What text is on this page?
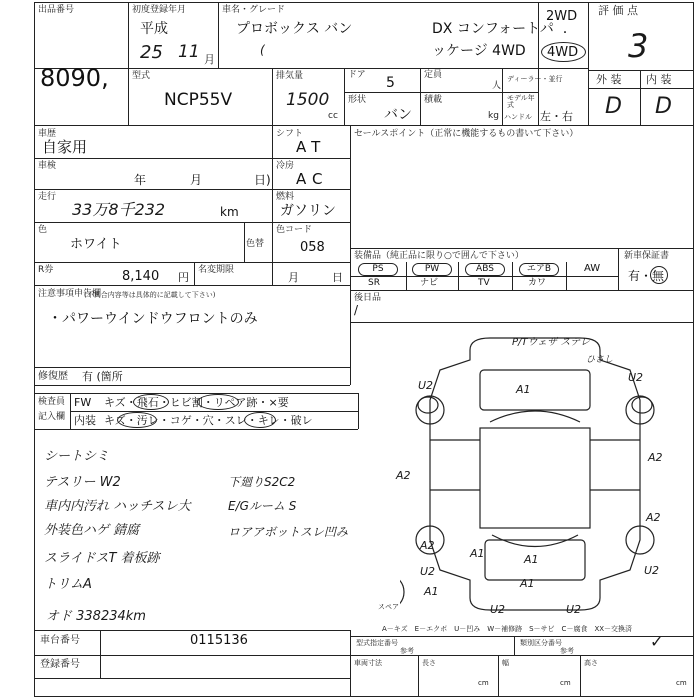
出品番号
8090,
初度登録年月
平成
25 11 月
車名・グレード
プロボックス バン
(
DX コンフォートパ
ッケージ 4WD
2WD
・
4WD
評 価 点
3
外 装 内 装
D D
型式
NCP55V
排気量
1500
cc
ドア 5	定員
人
ディーラー・並行
形状
バン
積載
kg
モデル年式
ハンドル 左・右
車歴
自家用
シフト
AT
車検
年	月	日 )
冷房
AC
走行
33万8千232	km
燃料
ガソリン
色
ホワイト	色替
色コード
058
R券	8,140 円
名変期限
月	日
注意事項申告欄
(不具合内容等は具体的に記載して下さい)
・パワーウインドウフロントのみ
修復歴 有 (箇所
検査員
記入欄
FW キズ・飛石・ヒビ割・リペア跡・×要
内装 キズ・汚レ・コゲ・穴・スレ・キレ・破レ
シートシミ
テスリー W2
車内内汚れ ハッチスレ大
外装色ハゲ 錆腐
スライドスT 着板跡
トリムA
オド 338234km
下廻りS2C2
E/Gルーム S
ロアアボットスレ凹み
セールスポイント（正常に機能するもの書いて下さい）
装備品（純正品に限り○で囲んで下さい）	新車保証書
有・無
PS	PW	ABS	エアB	AW
SR	ナビ	TV	カワ
後日品
/
スペア
P/Tウェザ ステレ
ひさし
U2	A1
U2
A2
A2
U2
A2
U2
A2
A1
A1
A1
U2	U2
A1
A－キズ　E－エクボ　U－凹み　W－補修跡　S－サビ　C－腐食　XX－交換済
車台番号	0115136
登録番号
型式指定番号
参考
類別区分番号
参考	✓
車両寸法	長さ
cm
幅
cm
高さ
cm
